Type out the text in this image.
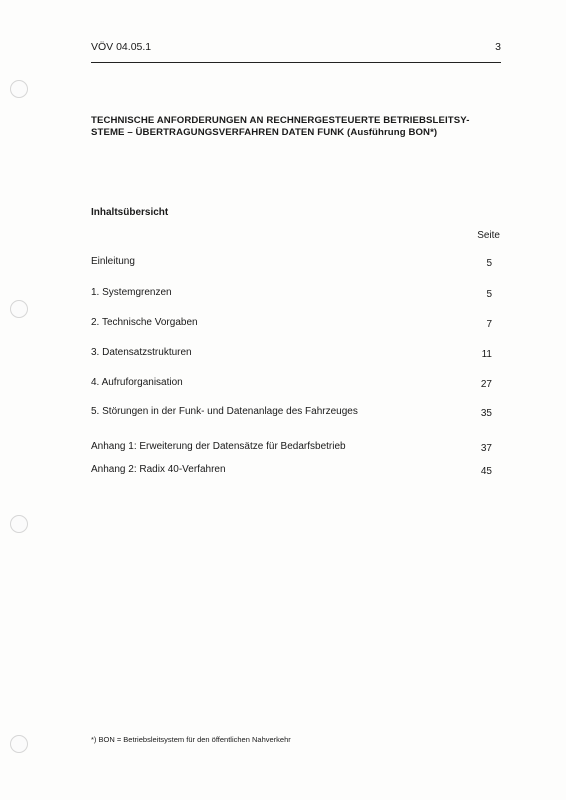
VÖV 04.05.1	3
TECHNISCHE ANFORDERUNGEN AN RECHNERGESTEUERTE BETRIEBSLEITSY-
STEME – ÜBERTRAGUNGSVERFAHREN DATEN FUNK (Ausführung BON*)
Inhaltsübersicht
Seite
Einleitung	5
1. Systemgrenzen	5
2. Technische Vorgaben	7
3. Datensatzstrukturen	11
4. Aufruforganisation	27
5. Störungen in der Funk- und Datenanlage des Fahrzeuges	35
Anhang 1: Erweiterung der Datensätze für Bedarfsbetrieb	37
Anhang 2: Radix 40-Verfahren	45
*) BON = Betriebsleitsystem für den öffentlichen Nahverkehr
